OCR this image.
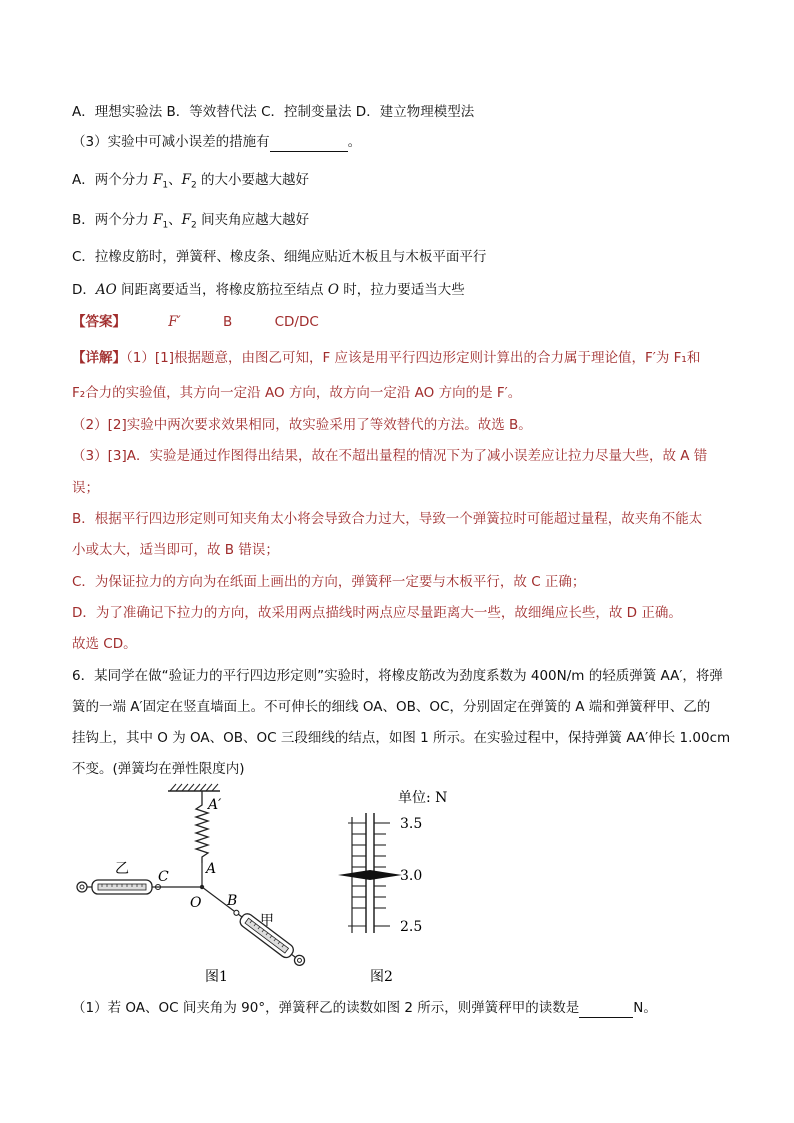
A．理想实验法 B．等效替代法 C．控制变量法 D．建立物理模型法
（3）实验中可减小误差的措施有	。
A．两个分力 $F_1$、$F_2$ 的大小要越大越好
B．两个分力 $F_1$、$F_2$ 间夹角应越大越好
C．拉橡皮筋时，弹簧秤、橡皮条、细绳应贴近木板且与木板平面平行
D．AO 间距离要适当，将橡皮筋拉至结点 O 时，拉力要适当大些
【答案】	F′	B	CD/DC
【详解】（1）[1]根据题意，由图乙可知，F 应该是用平行四边形定则计算出的合力属于理论值，F′为 F₁和
F₂合力的实验值，其方向一定沿 AO 方向，故方向一定沿 AO 方向的是 F′。
（2）[2]实验中两次要求效果相同，故实验采用了等效替代的方法。故选 B。
（3）[3]A．实验是通过作图得出结果，故在不超出量程的情况下为了减小误差应让拉力尽量大些，故 A 错
误；
B．根据平行四边形定则可知夹角太小将会导致合力过大，导致一个弹簧拉时可能超过量程，故夹角不能太
小或太大，适当即可，故 B 错误；
C．为保证拉力的方向为在纸面上画出的方向，弹簧秤一定要与木板平行，故 C 正确；
D．为了准确记下拉力的方向，故采用两点描线时两点应尽量距离大一些，故细绳应长些，故 D 正确。
故选 CD。
6．某同学在做“验证力的平行四边形定则”实验时，将橡皮筋改为劲度系数为 400N/m 的轻质弹簧 AA′，将弹
簧的一端 A′固定在竖直墙面上。不可伸长的细线 OA、OB、OC，分别固定在弹簧的 A 端和弹簧秤甲、乙的
挂钩上，其中 O 为 OA、OB、OC 三段细线的结点，如图 1 所示。在实验过程中，保持弹簧 AA′伸长 1.00cm
不变。(弹簧均在弹性限度内)
A′
A
C
O B
乙
甲
图1
单位: N
3.5
3.0
2.5
图2
（1）若 OA、OC 间夹角为 90°，弹簧秤乙的读数如图 2 所示，则弹簧秤甲的读数是	N。
